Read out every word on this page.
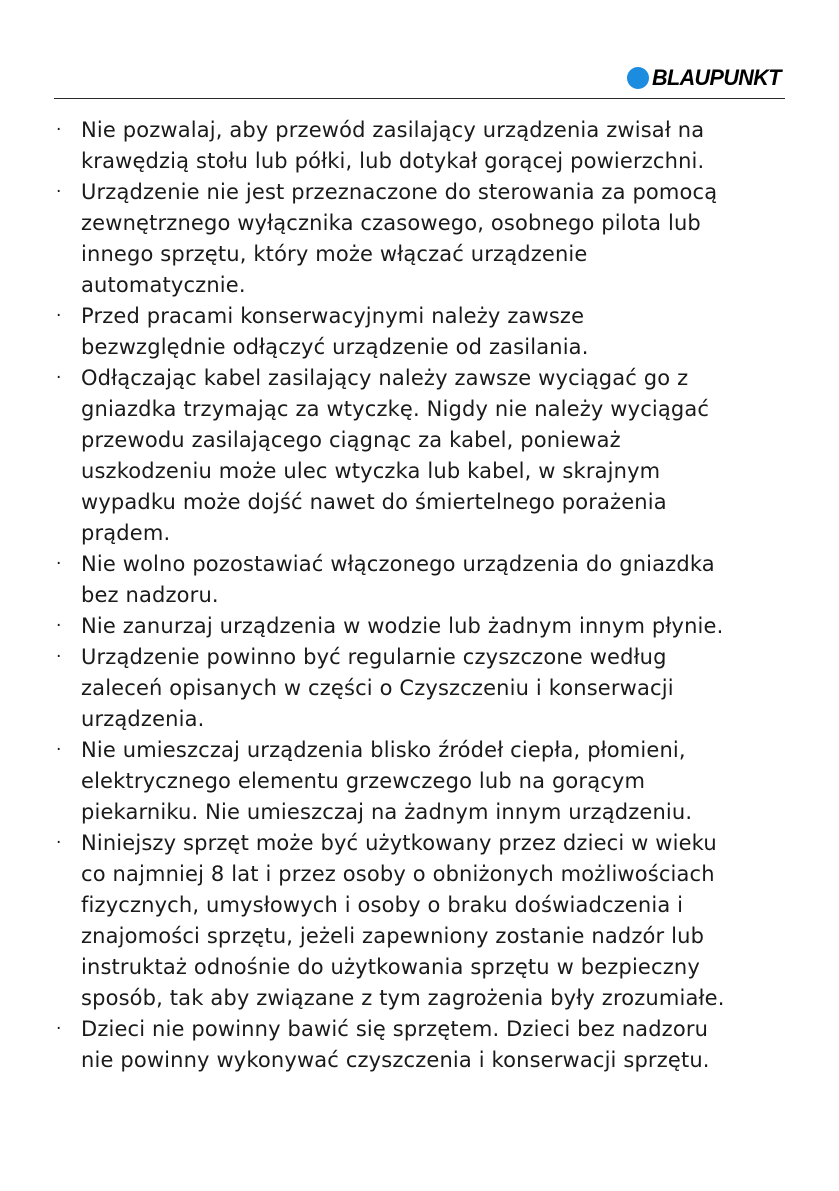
BLAUPUNKT
· Nie pozwalaj, aby przewód zasilający urządzenia zwisał na
krawędzią stołu lub półki, lub dotykał gorącej powierzchni.
· Urządzenie nie jest przeznaczone do sterowania za pomocą
zewnętrznego wyłącznika czasowego, osobnego pilota lub
innego sprzętu, który może włączać urządzenie
automatycznie.
· Przed pracami konserwacyjnymi należy zawsze
bezwzględnie odłączyć urządzenie od zasilania.
· Odłączając kabel zasilający należy zawsze wyciągać go z
gniazdka trzymając za wtyczkę. Nigdy nie należy wyciągać
przewodu zasilającego ciągnąc za kabel, ponieważ
uszkodzeniu może ulec wtyczka lub kabel, w skrajnym
wypadku może dojść nawet do śmiertelnego porażenia
prądem.
· Nie wolno pozostawiać włączonego urządzenia do gniazdka
bez nadzoru.
· Nie zanurzaj urządzenia w wodzie lub żadnym innym płynie.
· Urządzenie powinno być regularnie czyszczone według
zaleceń opisanych w części o Czyszczeniu i konserwacji
urządzenia.
· Nie umieszczaj urządzenia blisko źródeł ciepła, płomieni,
elektrycznego elementu grzewczego lub na gorącym
piekarniku. Nie umieszczaj na żadnym innym urządzeniu.
· Niniejszy sprzęt może być użytkowany przez dzieci w wieku
co najmniej 8 lat i przez osoby o obniżonych możliwościach
fizycznych, umysłowych i osoby o braku doświadczenia i
znajomości sprzętu, jeżeli zapewniony zostanie nadzór lub
instruktaż odnośnie do użytkowania sprzętu w bezpieczny
sposób, tak aby związane z tym zagrożenia były zrozumiałe.
· Dzieci nie powinny bawić się sprzętem. Dzieci bez nadzoru
nie powinny wykonywać czyszczenia i konserwacji sprzętu.
